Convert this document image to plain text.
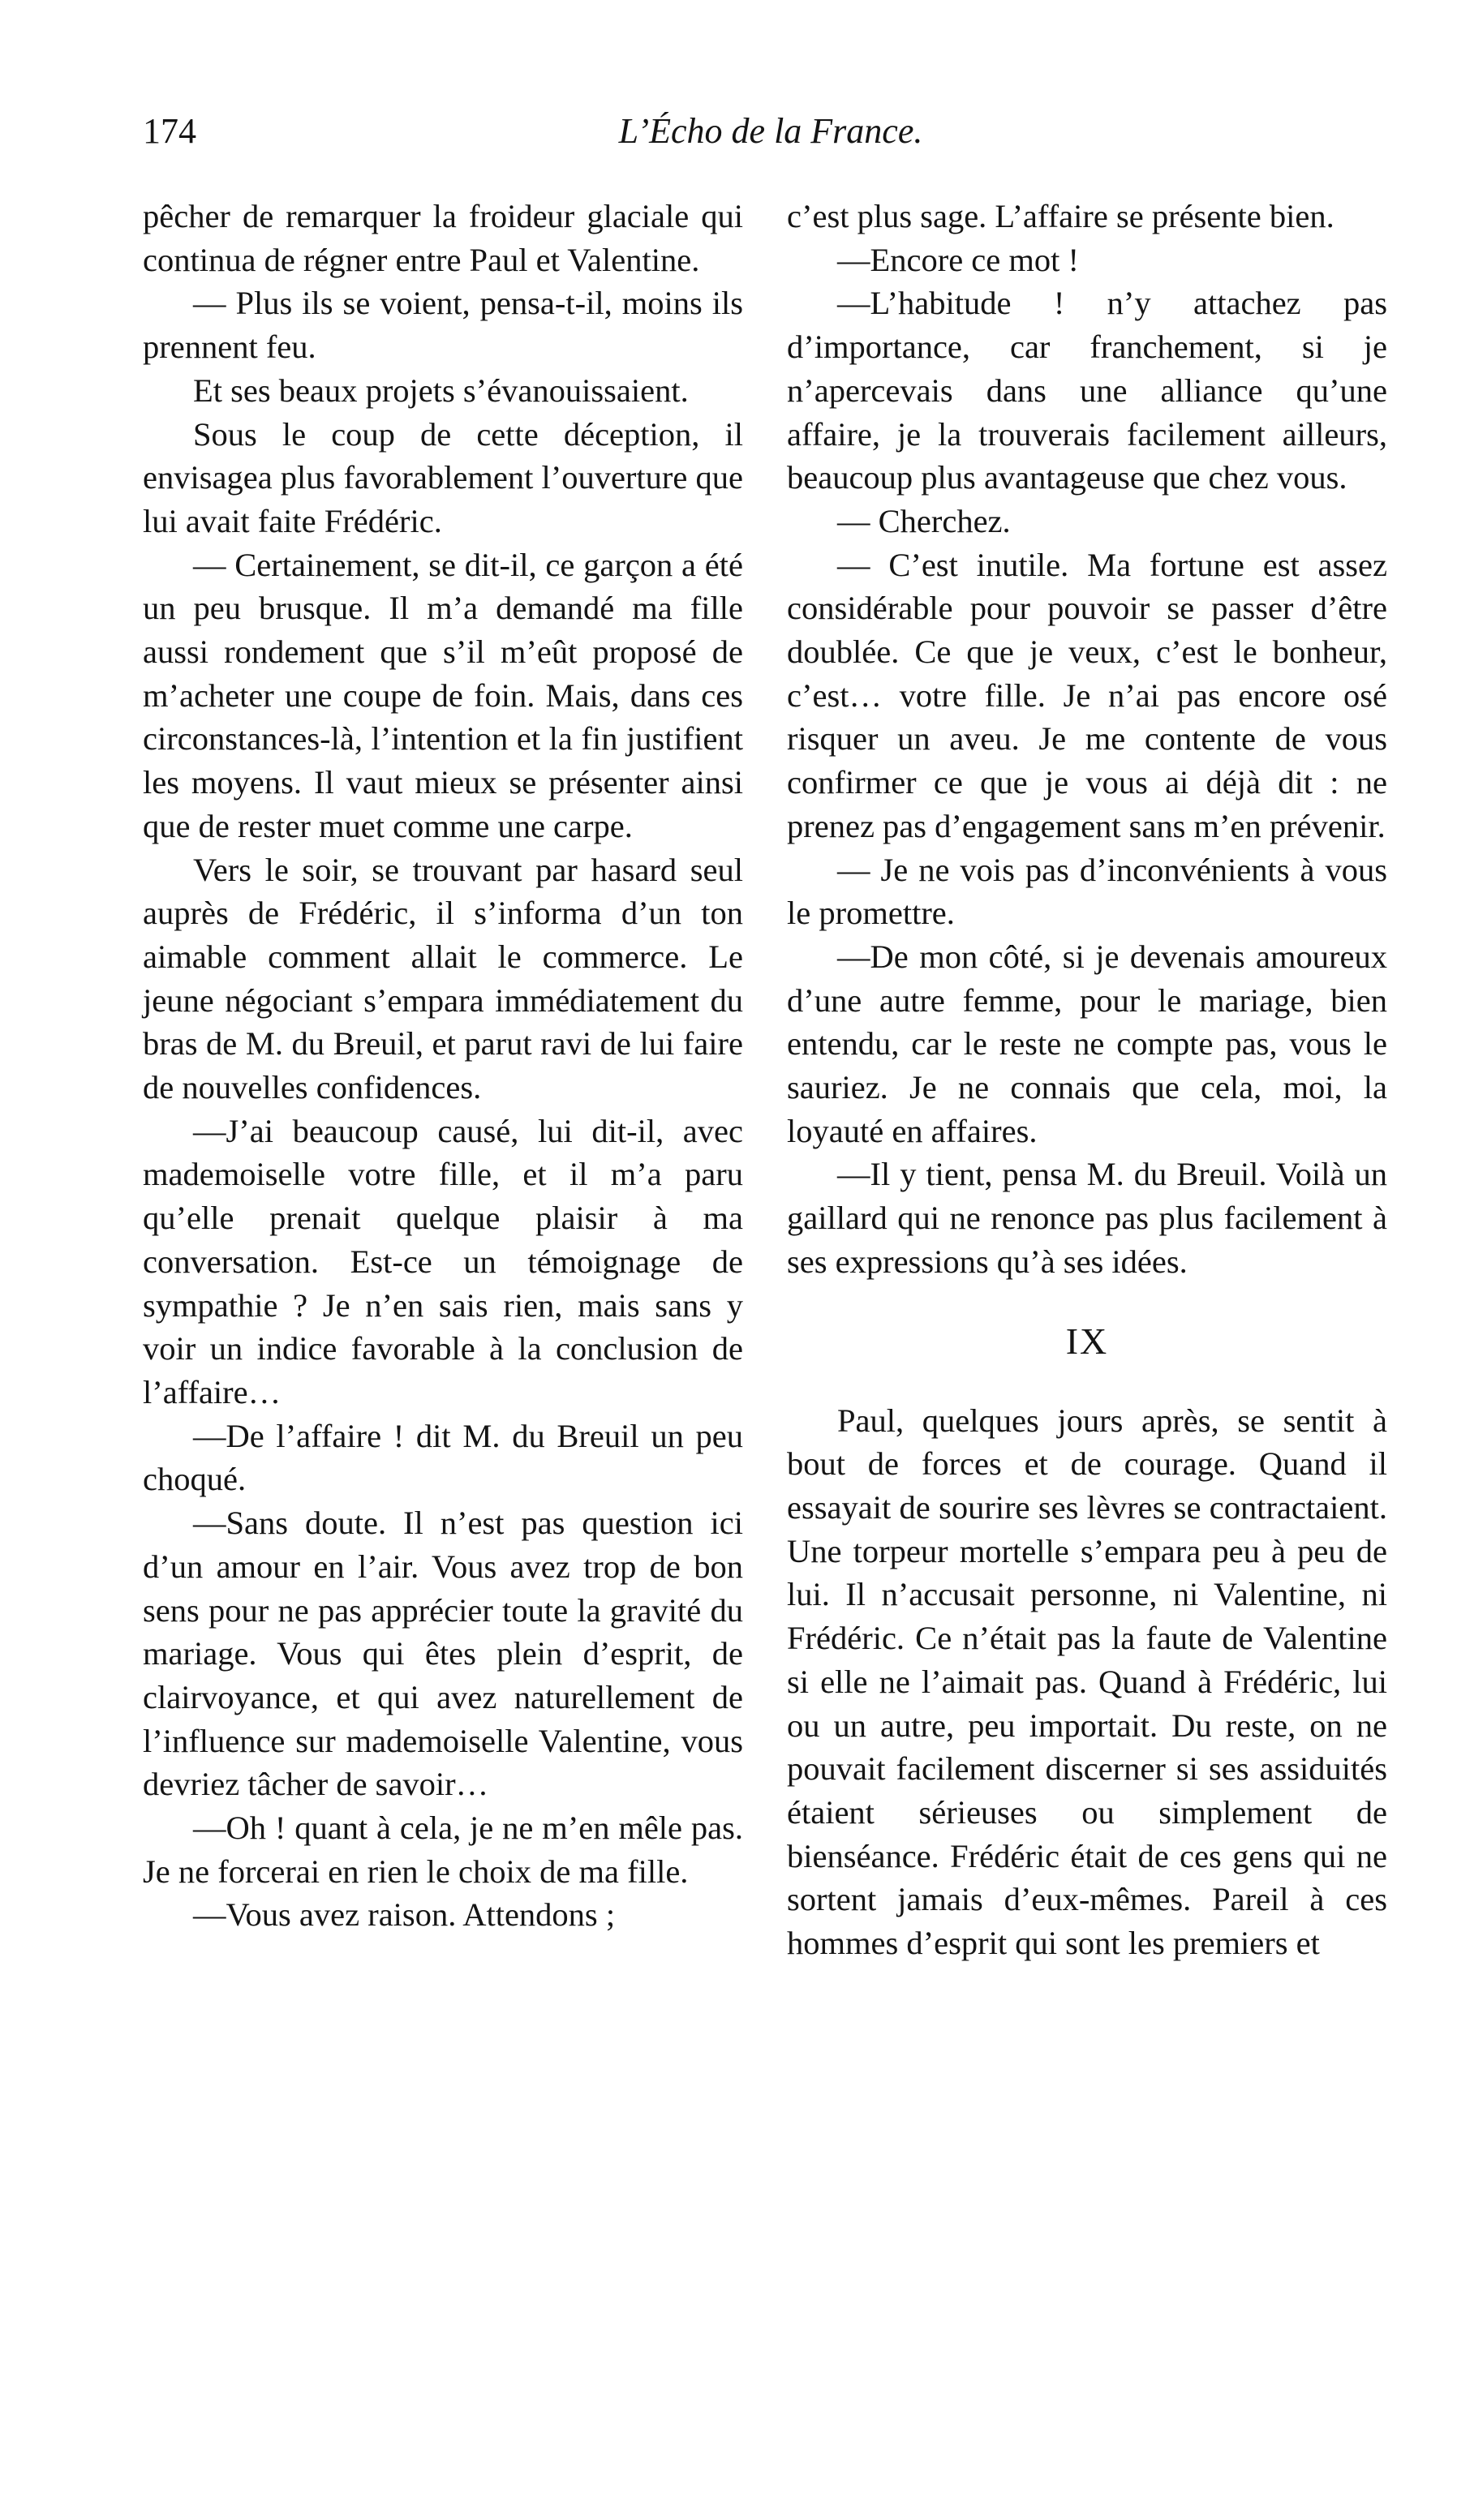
174	L’Écho de la France.

pêcher de remarquer la froideur glaciale qui continua de régner entre Paul et Valentine.

— Plus ils se voient, pensa-t-il, moins ils prennent feu.

Et ses beaux projets s’évanouissaient.

Sous le coup de cette déception, il envisagea plus favorablement l’ouverture que lui avait faite Frédéric.

— Certainement, se dit-il, ce garçon a été un peu brusque. Il m’a demandé ma fille aussi rondement que s’il m’eût proposé de m’acheter une coupe de foin. Mais, dans ces circonstances-là, l’intention et la fin justifient les moyens. Il vaut mieux se présenter ainsi que de rester muet comme une carpe.

Vers le soir, se trouvant par hasard seul auprès de Frédéric, il s’informa d’un ton aimable comment allait le commerce. Le jeune négociant s’empara immédiatement du bras de M. du Breuil, et parut ravi de lui faire de nouvelles confidences.

—J’ai beaucoup causé, lui dit-il, avec mademoiselle votre fille, et il m’a paru qu’elle prenait quelque plaisir à ma conversation. Est-ce un témoignage de sympathie ? Je n’en sais rien, mais sans y voir un indice favorable à la conclusion de l’affaire…

—De l’affaire ! dit M. du Breuil un peu choqué.

—Sans doute. Il n’est pas question ici d’un amour en l’air. Vous avez trop de bon sens pour ne pas apprécier toute la gravité du mariage. Vous qui êtes plein d’esprit, de clairvoyance, et qui avez naturellement de l’influence sur mademoiselle Valentine, vous devriez tâcher de savoir…

—Oh ! quant à cela, je ne m’en mêle pas. Je ne forcerai en rien le choix de ma fille.

—Vous avez raison. Attendons ;

c’est plus sage. L’affaire se présente bien.

—Encore ce mot !

—L’habitude ! n’y attachez pas d’importance, car franchement, si je n’apercevais dans une alliance qu’une affaire, je la trouverais facilement ailleurs, beaucoup plus avantageuse que chez vous.

— Cherchez.

— C’est inutile. Ma fortune est assez considérable pour pouvoir se passer d’être doublée. Ce que je veux, c’est le bonheur, c’est… votre fille. Je n’ai pas encore osé risquer un aveu. Je me contente de vous confirmer ce que je vous ai déjà dit : ne prenez pas d’engagement sans m’en prévenir.

— Je ne vois pas d’inconvénients à vous le promettre.

—De mon côté, si je devenais amoureux d’une autre femme, pour le mariage, bien entendu, car le reste ne compte pas, vous le sauriez. Je ne connais que cela, moi, la loyauté en affaires.

—Il y tient, pensa M. du Breuil. Voilà un gaillard qui ne renonce pas plus facilement à ses expressions qu’à ses idées.

IX

Paul, quelques jours après, se sentit à bout de forces et de courage. Quand il essayait de sourire ses lèvres se contractaient. Une torpeur mortelle s’empara peu à peu de lui. Il n’accusait personne, ni Valentine, ni Frédéric. Ce n’était pas la faute de Valentine si elle ne l’aimait pas. Quand à Frédéric, lui ou un autre, peu importait. Du reste, on ne pouvait facilement discerner si ses assiduités étaient sérieuses ou simplement de bienséance. Frédéric était de ces gens qui ne sortent jamais d’eux-mêmes. Pareil à ces hommes d’esprit qui sont les premiers et
